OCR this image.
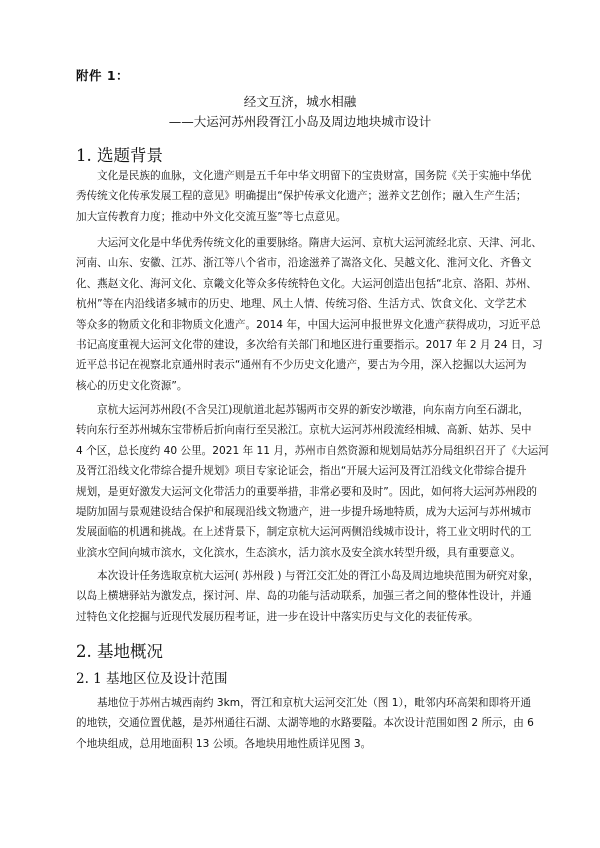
附件 1：
经文互济，城水相融
——大运河苏州段胥江小岛及周边地块城市设计
1. 选题背景
文化是民族的血脉，文化遗产则是五千年中华文明留下的宝贵财富，国务院《关于实施中华优
秀传统文化传承发展工程的意见》明确提出“保护传承文化遗产；滋养文艺创作；融入生产生活；
加大宣传教育力度；推动中外文化交流互鉴”等七点意见。
大运河文化是中华优秀传统文化的重要脉络。隋唐大运河、京杭大运河流经北京、天津、河北、
河南、山东、安徽、江苏、浙江等八个省市，沿途滋养了嵩洛文化、吴越文化、淮河文化、齐鲁文
化、燕赵文化、海河文化、京畿文化等众多传统特色文化。大运河创造出包括“北京、洛阳、苏州、
杭州”等在内沿线诸多城市的历史、地理、风土人情、传统习俗、生活方式、饮食文化、文学艺术
等众多的物质文化和非物质文化遗产。2014 年，中国大运河申报世界文化遗产获得成功，习近平总
书记高度重视大运河文化带的建设，多次给有关部门和地区进行重要指示。2017 年 2 月 24 日，习
近平总书记在视察北京通州时表示“通州有不少历史文化遗产，要古为今用，深入挖掘以大运河为
核心的历史文化资源”。
京杭大运河苏州段(不含吴江)现航道北起苏锡两市交界的新安沙墩港，向东南方向至石湖北，
转向东行至苏州城东宝带桥后折向南行至吴淞江。京杭大运河苏州段流经相城、高新、姑苏、吴中
4 个区，总长度约 40 公里。2021 年 11 月，苏州市自然资源和规划局姑苏分局组织召开了《大运河
及胥江沿线文化带综合提升规划》项目专家论证会，指出“开展大运河及胥江沿线文化带综合提升
规划，是更好激发大运河文化带活力的重要举措，非常必要和及时”。因此，如何将大运河苏州段的
堤防加固与景观建设结合保护和展现沿线文物遗产，进一步提升场地特质，成为大运河与苏州城市
发展面临的机遇和挑战。在上述背景下，制定京杭大运河两侧沿线城市设计，将工业文明时代的工
业滨水空间向城市滨水，文化滨水，生态滨水，活力滨水及安全滨水转型升级，具有重要意义。
本次设计任务选取京杭大运河( 苏州段 ) 与胥江交汇处的胥江小岛及周边地块范围为研究对象，
以岛上横塘驿站为激发点，探讨河、岸、岛的功能与活动联系，加强三者之间的整体性设计，并通
过特色文化挖掘与近现代发展历程考证，进一步在设计中落实历史与文化的表征传承。
2. 基地概况
2. 1 基地区位及设计范围
基地位于苏州古城西南约 3km，胥江和京杭大运河交汇处（图 1），毗邻内环高架和即将开通
的地铁，交通位置优越，是苏州通往石湖、太湖等地的水路要隘。本次设计范围如图 2 所示，由 6
个地块组成，总用地面积 13 公顷。各地块用地性质详见图 3。
